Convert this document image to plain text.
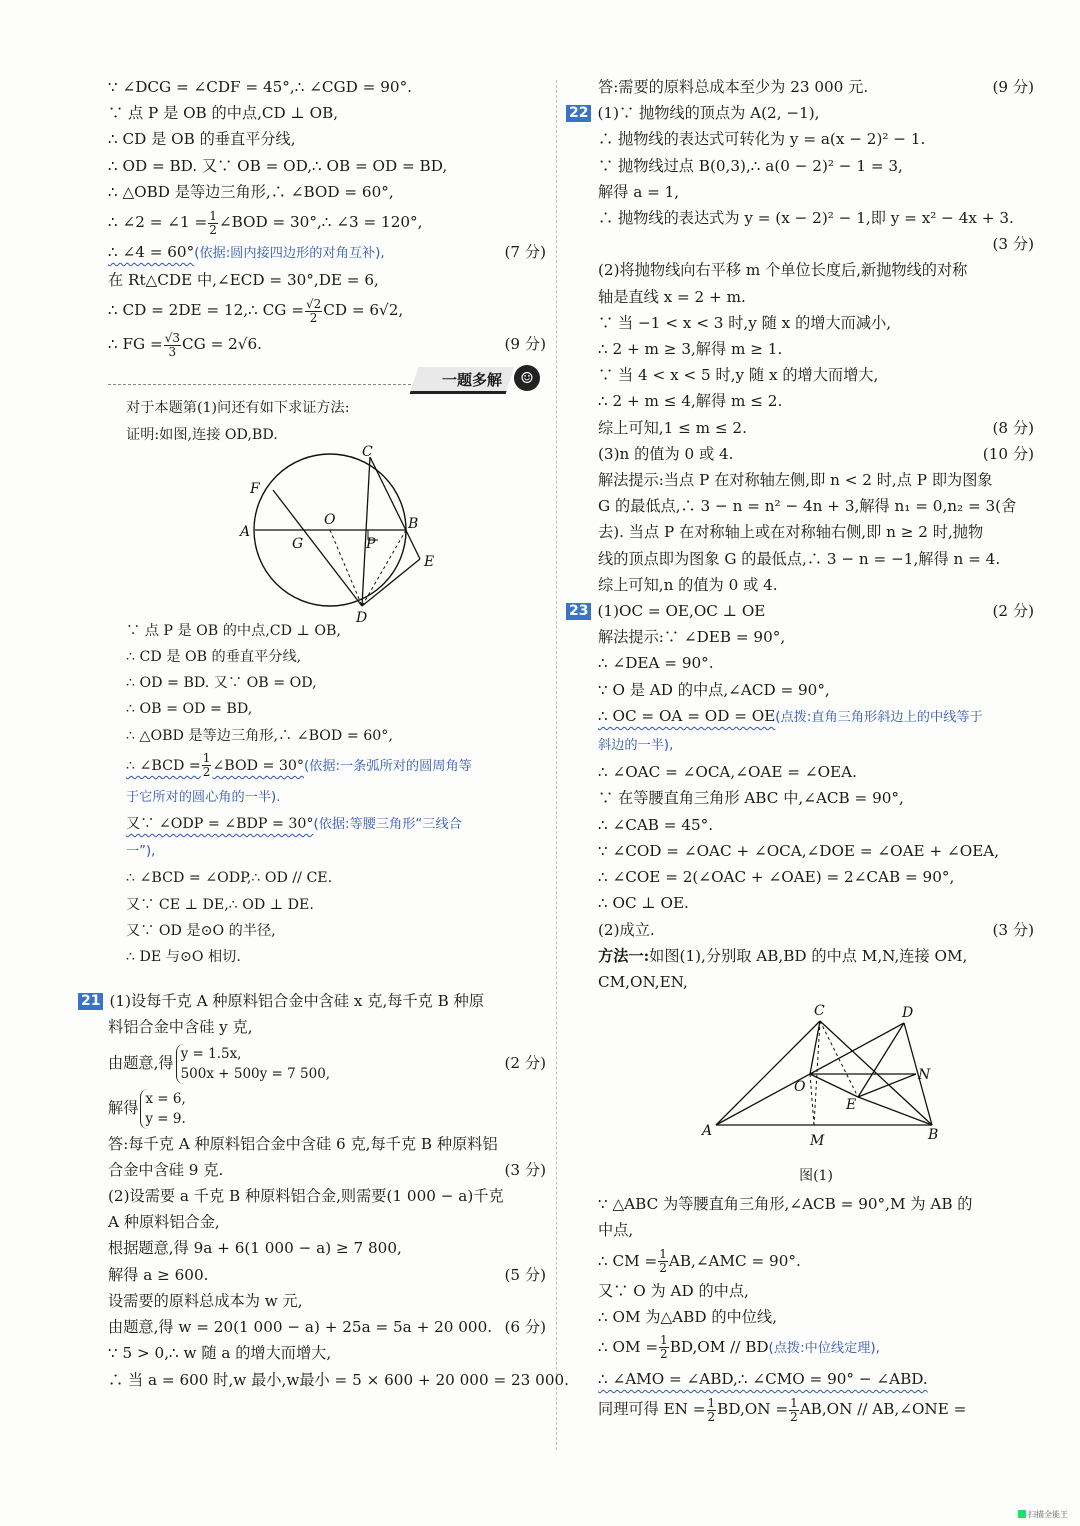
∵ ∠DCG = ∠CDF = 45°,∴ ∠CGD = 90°.
∵ 点 P 是 OB 的中点,CD ⊥ OB,
∴ CD 是 OB 的垂直平分线,
∴ OD = BD. 又∵ OB = OD,∴ OB = OD = BD,
∴ △OBD 是等边三角形,∴ ∠BOD = 60°,
∴ ∠2 = ∠1 = $\frac{1}{2}$ ∠BOD = 30°,∴ ∠3 = 120°,
∴ ∠4 = 60°(依据:圆内接四边形的对角互补),	(7 分)
在 Rt△CDE 中,∠ECD = 30°,DE = 6,
∴ CD = 2DE = 12,∴ CG = $\frac{√2}{2}$ CD = 6√2,
∴ FG = $\frac{√3}{3}$ CG = 2√6.	(9 分)
一题多解	☺
对于本题第(1)问还有如下求证方法:
证明:如图,连接 OD,BD.
C
F
A
O
G	P
B
E
D
∵ 点 P 是 OB 的中点,CD ⊥ OB,
∴ CD 是 OB 的垂直平分线,
∴ OD = BD. 又∵ OB = OD,
∴ OB = OD = BD,
∴ △OBD 是等边三角形,∴ ∠BOD = 60°,
∴ ∠BCD = $\frac{1}{2}$ ∠BOD = 30°(依据:一条弧所对的圆周角等
于它所对的圆心角的一半).
又∵ ∠ODP = ∠BDP = 30°(依据:等腰三角形“三线合
一”),
∴ ∠BCD = ∠ODP,∴ OD // CE.
又∵ CE ⊥ DE,∴ OD ⊥ DE.
又∵ OD 是⊙O 的半径,
∴ DE 与⊙O 相切.
21 (1)设每千克 A 种原料铝合金中含硅 x 克,每千克 B 种原
料铝合金中含硅 y 克,
由题意,得 y = 1.5x,
500x + 500y = 7 500,
(2 分)
解得 x = 6,
y = 9.
答:每千克 A 种原料铝合金中含硅 6 克,每千克 B 种原料铝
合金中含硅 9 克.	(3 分)
(2)设需要 a 千克 B 种原料铝合金,则需要(1 000 − a)千克
A 种原料铝合金,
根据题意,得 9a + 6(1 000 − a) ≥ 7 800,
解得 a ≥ 600.	(5 分)
设需要的原料总成本为 w 元,
由题意,得 w = 20(1 000 − a) + 25a = 5a + 20 000. (6 分)
∵ 5 > 0,∴ w 随 a 的增大而增大,
∴ 当 a = 600 时,w 最小,w最小 = 5 × 600 + 20 000 = 23 000.
答:需要的原料总成本至少为 23 000 元.	(9 分)
22 (1)∵ 抛物线的顶点为 A(2, −1),
∴ 抛物线的表达式可转化为 y = a(x − 2)² − 1.
∵ 抛物线过点 B(0,3),∴ a(0 − 2)² − 1 = 3,
解得 a = 1,
∴ 抛物线的表达式为 y = (x − 2)² − 1,即 y = x² − 4x + 3.
(3 分)

(2)将抛物线向右平移 m 个单位长度后,新抛物线的对称
轴是直线 x = 2 + m.
∵ 当 −1 < x < 3 时,y 随 x 的增大而减小,
∴ 2 + m ≥ 3,解得 m ≥ 1.
∵ 当 4 < x < 5 时,y 随 x 的增大而增大,
∴ 2 + m ≤ 4,解得 m ≤ 2.
综上可知,1 ≤ m ≤ 2.	(8 分)
(3)n 的值为 0 或 4.	(10 分)
解法提示:当点 P 在对称轴左侧,即 n < 2 时,点 P 即为图象
G 的最低点,∴ 3 − n = n² − 4n + 3,解得 n₁ = 0,n₂ = 3(舍
去). 当点 P 在对称轴上或在对称轴右侧,即 n ≥ 2 时,抛物
线的顶点即为图象 G 的最低点,∴ 3 − n = −1,解得 n = 4.
综上可知,n 的值为 0 或 4.
23 (1)OC = OE,OC ⊥ OE	(2 分)
解法提示:∵ ∠DEB = 90°,
∴ ∠DEA = 90°.
∵ O 是 AD 的中点,∠ACD = 90°,
∴ OC = OA = OD = OE(点拨:直角三角形斜边上的中线等于
斜边的一半),
∴ ∠OAC = ∠OCA,∠OAE = ∠OEA.
∵ 在等腰直角三角形 ABC 中,∠ACB = 90°,
∴ ∠CAB = 45°.
∵ ∠COD = ∠OAC + ∠OCA,∠DOE = ∠OAE + ∠OEA,
∴ ∠COE = 2(∠OAC + ∠OAE) = 2∠CAB = 90°,
∴ OC ⊥ OE.
(2)成立.	(3 分)
方法一:如图(1),分别取 AB,BD 的中点 M,N,连接 OM,
CM,ON,EN,
C	D
N
O
E
A
M	B
图(1)
∵ △ABC 为等腰直角三角形,∠ACB = 90°,M 为 AB 的
中点,
∴ CM = $\frac{1}{2}$ AB,∠AMC = 90°.
又∵ O 为 AD 的中点,
∴ OM 为△ABD 的中位线,
∴ OM = $\frac{1}{2} BD,OM // BD$(点拨:中位线定理),
∴ ∠AMO = ∠ABD,∴ ∠CMO = 90° − ∠ABD.
同理可得 EN = $\frac{1}{2} BD,ON = \frac{1}{2} AB,ON$ // AB,∠ONE =
扫描全能王
